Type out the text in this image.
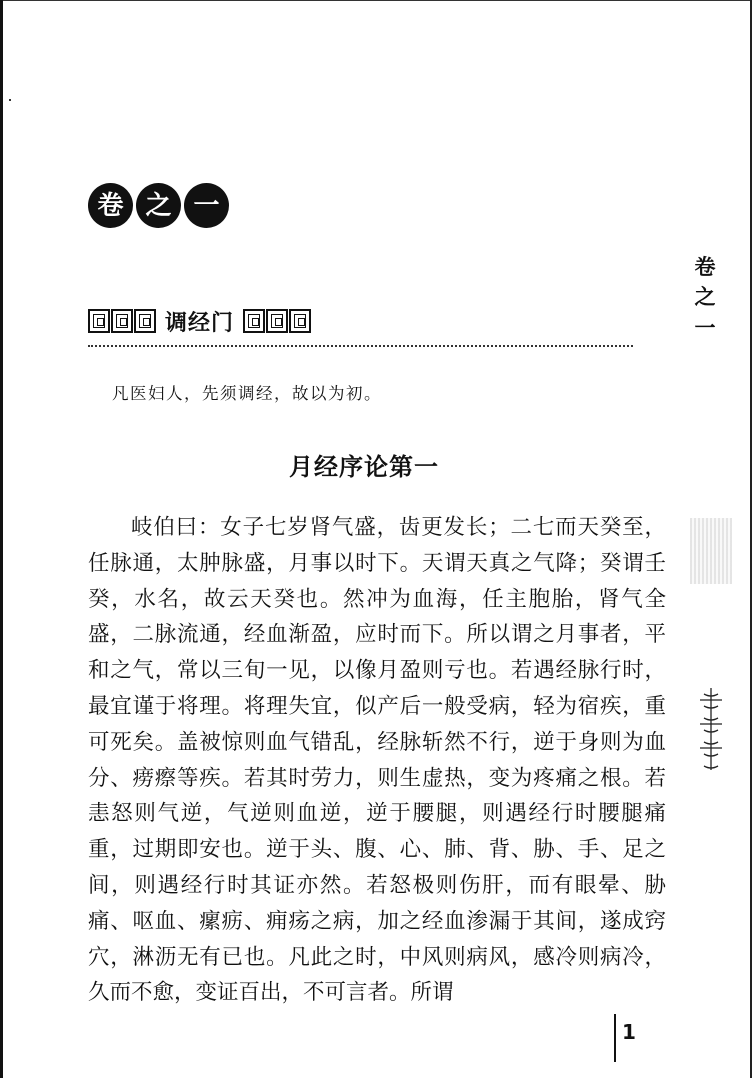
卷 之 一
卷
之
一
调经门
凡医妇人，先须调经，故以为初。
月经序论第一

岐伯曰：女子七岁肾气盛，齿更发长；二七而天癸至，任脉通，太肿脉盛，月事以时下。天谓天真之气降；癸谓壬癸，水名，故云天癸也。然冲为血海，任主胞胎，肾气全盛，二脉流通，经血渐盈，应时而下。所以谓之月事者，平和之气，常以三旬一见，以像月盈则亏也。若遇经脉行时，最宜谨于将理。将理失宜，似产后一般受病，轻为宿疾，重可死矣。盖被惊则血气错乱，经脉斩然不行，逆于身则为血分、痨瘵等疾。若其时劳力，则生虚热，变为疼痛之根。若恚怒则气逆，气逆则血逆，逆于腰腿，则遇经行时腰腿痛重，过期即安也。逆于头、腹、心、肺、背、胁、手、足之间，则遇经行时其证亦然。若怒极则伤肝，而有眼晕、胁痛、呕血、瘰疬、痈疡之病，加之经血渗漏于其间，遂成窍穴，淋沥无有已也。凡此之时，中风则病风，感冷则病冷，久而不愈，变证百出，不可言者。所谓

1
